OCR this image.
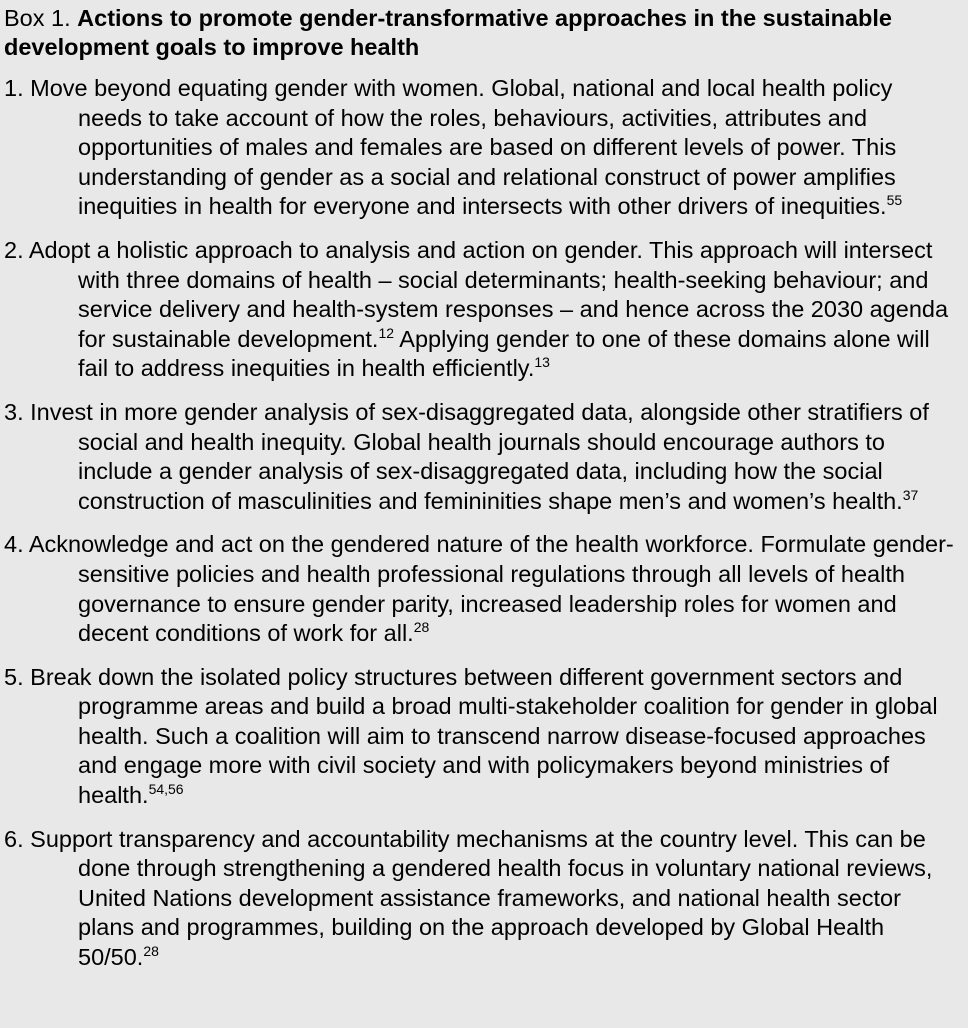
Box 1. Actions to promote gender-transformative approaches in the sustainable development goals to improve health
1. Move beyond equating gender with women. Global, national and local health policy needs to take account of how the roles, behaviours, activities, attributes and opportunities of males and females are based on different levels of power. This understanding of gender as a social and relational construct of power amplifies inequities in health for everyone and intersects with other drivers of inequities.$^{55}$
2. Adopt a holistic approach to analysis and action on gender. This approach will intersect with three domains of health – social determinants; health-seeking behaviour; and service delivery and health-system responses – and hence across the 2030 agenda for sustainable development.$^{12}$ Applying gender to one of these domains alone will fail to address inequities in health efficiently.$^{13}$
3. Invest in more gender analysis of sex-disaggregated data, alongside other stratifiers of social and health inequity. Global health journals should encourage authors to include a gender analysis of sex-disaggregated data, including how the social construction of masculinities and femininities shape men’s and women’s health.$^{37}$
4. Acknowledge and act on the gendered nature of the health workforce. Formulate gender-sensitive policies and health professional regulations through all levels of health governance to ensure gender parity, increased leadership roles for women and decent conditions of work for all.$^{28}$
5. Break down the isolated policy structures between different government sectors and programme areas and build a broad multi-stakeholder coalition for gender in global health. Such a coalition will aim to transcend narrow disease-focused approaches and engage more with civil society and with policymakers beyond ministries of health.$^{54,56}$
6. Support transparency and accountability mechanisms at the country level. This can be done through strengthening a gendered health focus in voluntary national reviews, United Nations development assistance frameworks, and national health sector plans and programmes, building on the approach developed by Global Health 50/50.28
